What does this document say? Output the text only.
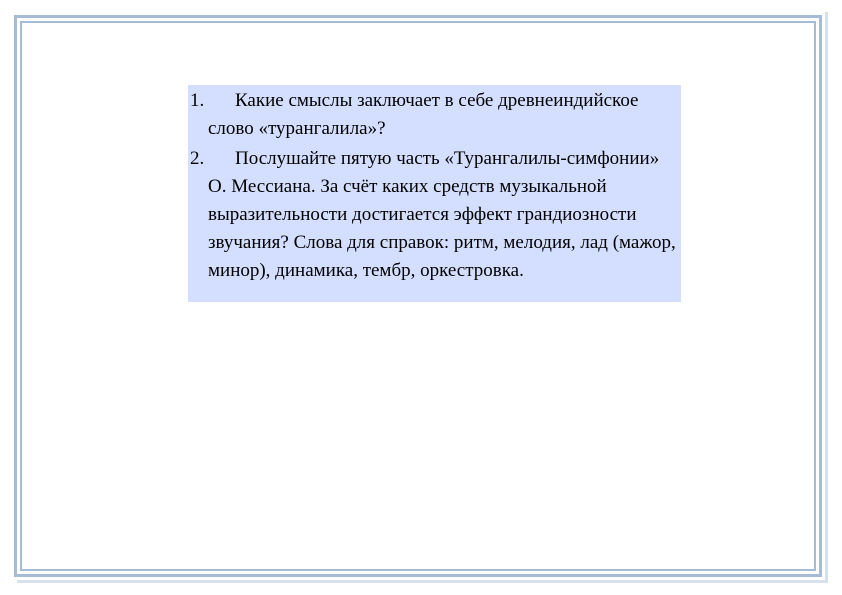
1.	Какие смыслы заключает в себе древнеиндийское слово «турангалила»?
2.	Послушайте пятую часть «Турангалилы-симфонии» О. Мессиана. За счёт каких средств музыкальной выразительности достигается эффект грандиозности звучания? Слова для справок: ритм, мелодия, лад (мажор, минор), динамика, тембр, оркестровка.
